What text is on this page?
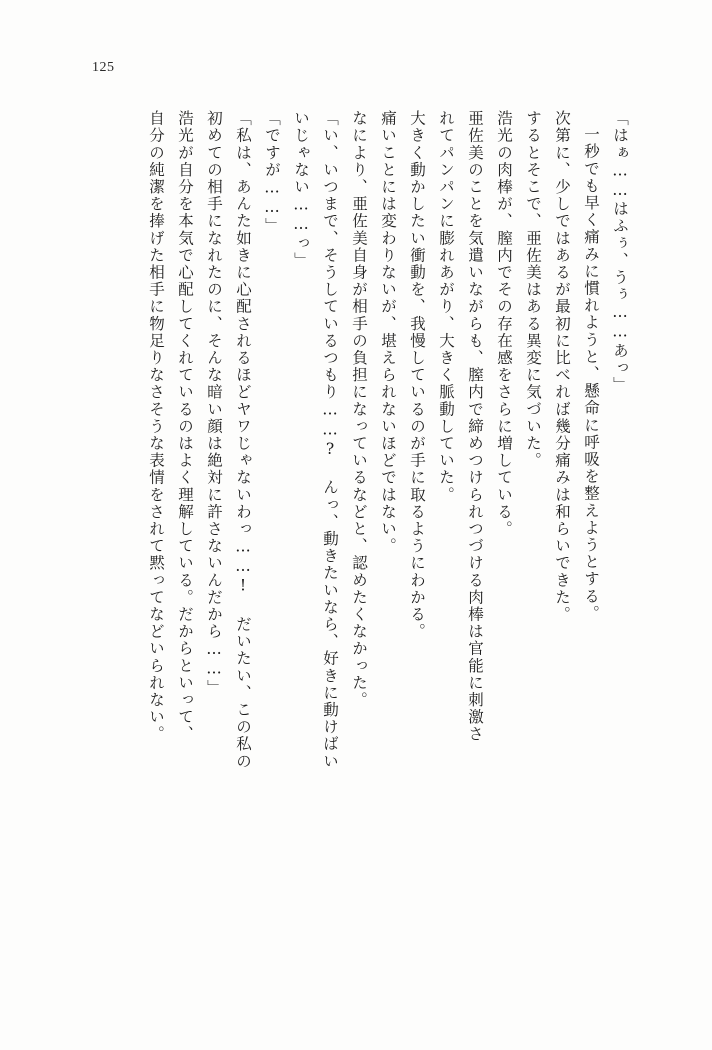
125
「はぁ……はふぅ、うぅ……あっ」
一秒でも早く痛みに慣れようと、懸命に呼吸を整えようとする。
次第に、少しではあるが最初に比べれば幾分痛みは和らいできた。
するとそこで、亜佐美はある異変に気づいた。
浩光の肉棒が、膣内でその存在感をさらに増している。
亜佐美のことを気遣いながらも、膣内で締めつけられつづける肉棒は官能に刺激さ
れてパンパンに膨れあがり、大きく脈動していた。
大きく動かしたい衝動を、我慢しているのが手に取るようにわかる。
痛いことには変わりないが、堪えられないほどではない。
なにより、亜佐美自身が相手の負担になっているなどと、認めたくなかった。
「い、いつまで、そうしているつもり……? んっ、動きたいなら、好きに動けばい
いじゃない……っ」
「ですが……」
「私は、あんた如きに心配されるほどヤワじゃないわっ……! だいたい、この私の
初めての相手になれたのに、そんな暗い顔は絶対に許さないんだから……」
浩光が自分を本気で心配してくれているのはよく理解している。だからといって、
自分の純潔を捧げた相手に物足りなさそうな表情をされて黙ってなどいられない。
